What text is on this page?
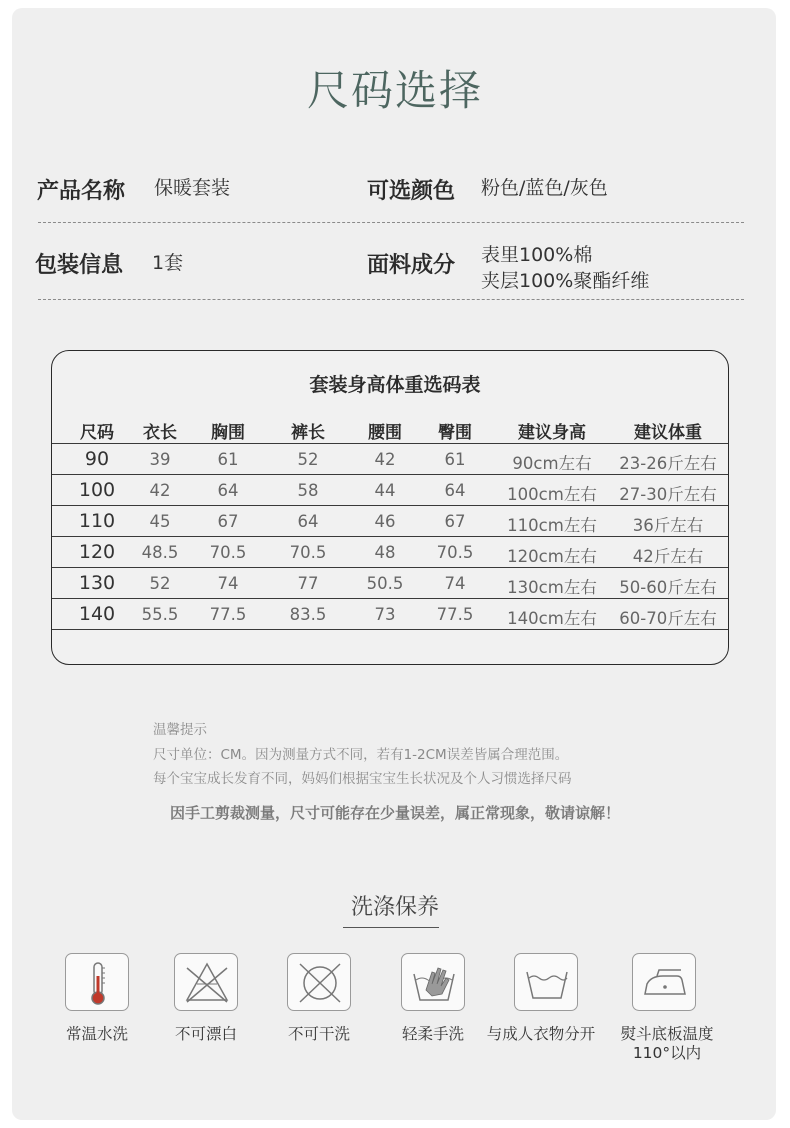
尺码选择
产品名称 保暖套装	可选颜色 粉色/蓝色/灰色
包装信息 1套	面料成分 表里100%棉
夹层100%聚酯纤维
套装身高体重选码表
尺码 衣长 胸围	裤长	腰围 臀围	建议身高	建议体重
90 39	61	52	42	61	90cm左右 23-26斤左右
100 42	64	58	44	64	100cm左右 27-30斤左右
110 45	67	64	46	67	110cm左右 36斤左右
120 48.5 70.5	70.5	48 70.5 120cm左右 42斤左右
130 52	74	77	50.5 74	130cm左右 50-60斤左右
140 55.5 77.5	83.5	73 77.5 140cm左右 60-70斤左右
温馨提示
尺寸单位：CM。因为测量方式不同，若有1-2CM误差皆属合理范围。
每个宝宝成长发育不同，妈妈们根据宝宝生长状况及个人习惯选择尺码
因手工剪裁测量，尺寸可能存在少量误差，属正常现象，敬请谅解！
洗涤保养
常温水洗	不可漂白	不可干洗	轻柔手洗 与成人衣物分开 熨斗底板温度
110°以内
